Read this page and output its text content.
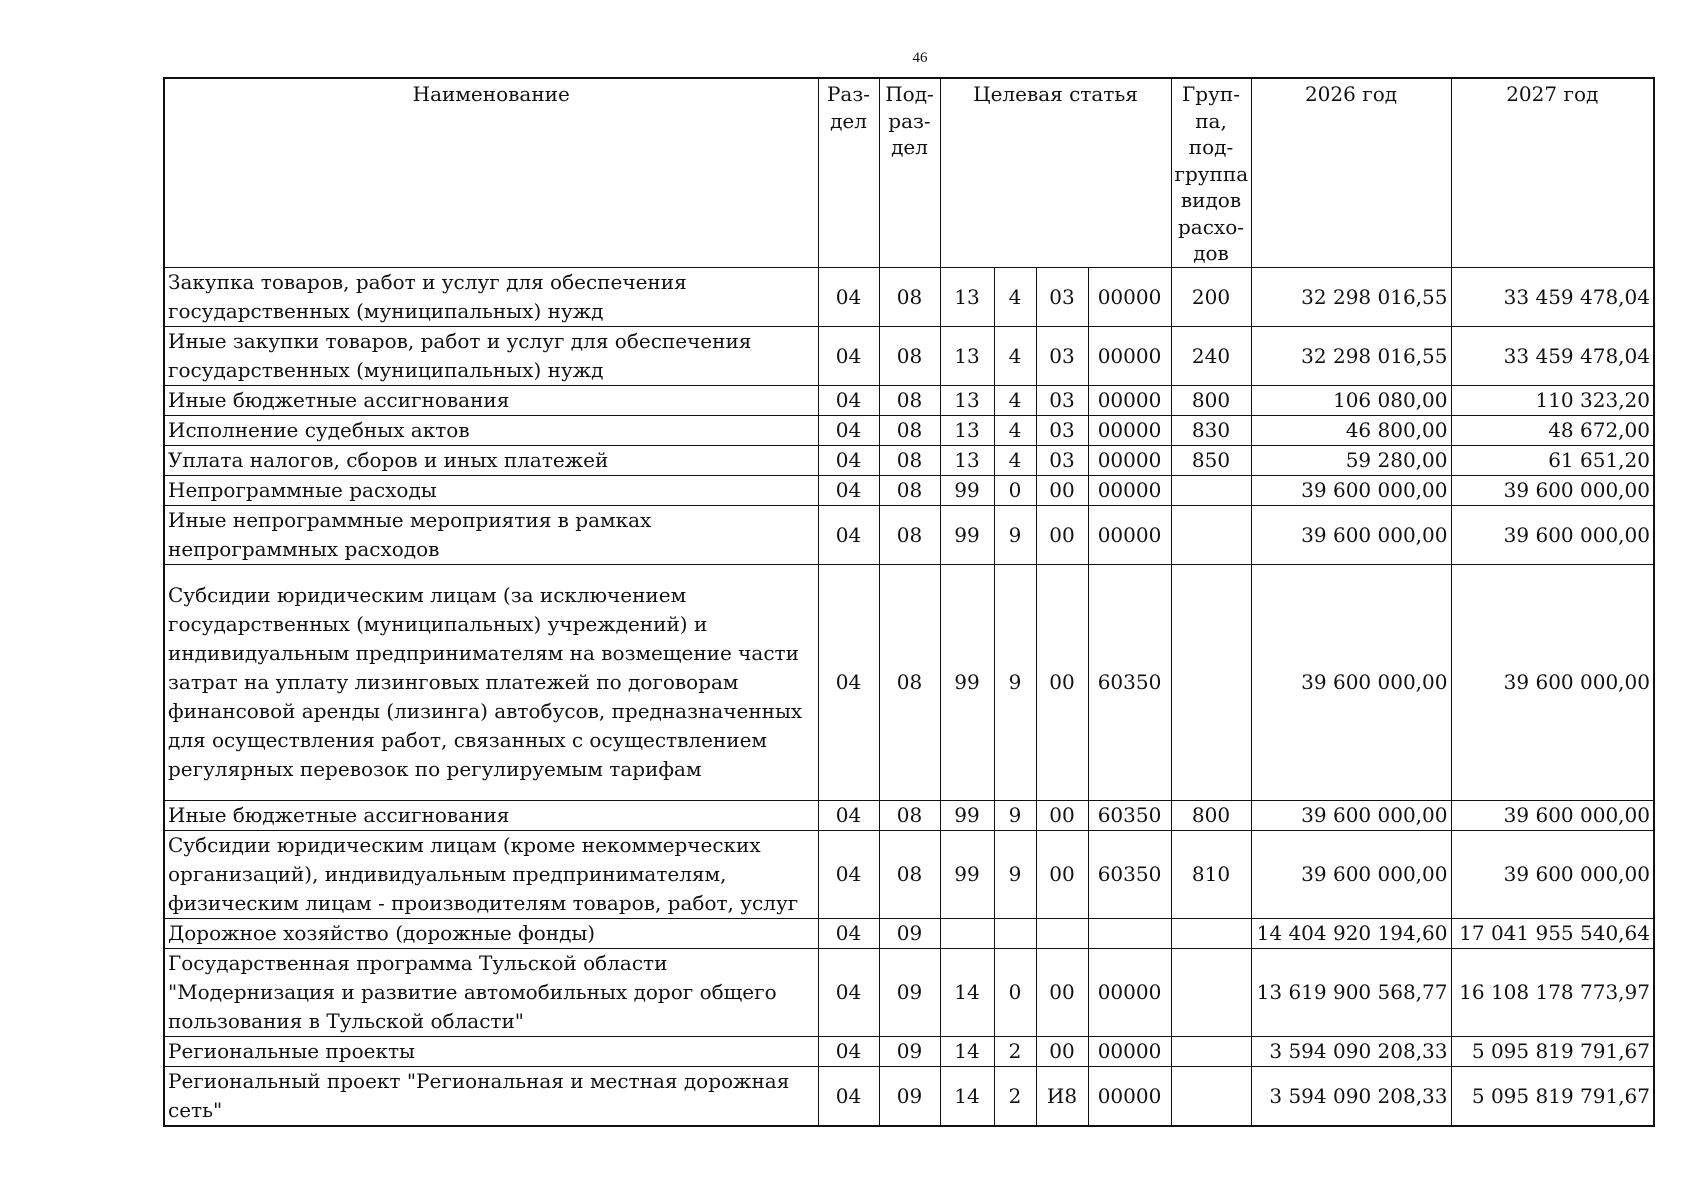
46
Наименование	Раз-дел	Под-раз-дел	Целевая статья				Груп-па, под-группа видов расхо-дов	2026 год	2027 год
Закупка товаров, работ и услуг для обеспечения государственных (муниципальных) нужд	04	08	13	4	03	00000	200	32 298 016,55	33 459 478,04
Иные закупки товаров, работ и услуг для обеспечения государственных (муниципальных) нужд	04	08	13	4	03	00000	240	32 298 016,55	33 459 478,04
Иные бюджетные ассигнования	04	08	13	4	03	00000	800	106 080,00	110 323,20
Исполнение судебных актов	04	08	13	4	03	00000	830	46 800,00	48 672,00
Уплата налогов, сборов и иных платежей	04	08	13	4	03	00000	850	59 280,00	61 651,20
Непрограммные расходы	04	08	99	0	00	00000		39 600 000,00	39 600 000,00
Иные непрограммные мероприятия в рамках непрограммных расходов	04	08	99	9	00	00000		39 600 000,00	39 600 000,00
Субсидии юридическим лицам (за исключением государственных (муниципальных) учреждений) и индивидуальным предпринимателям на возмещение части затрат на уплату лизинговых платежей по договорам финансовой аренды (лизинга) автобусов, предназначенных для осуществления работ, связанных с осуществлением регулярных перевозок по регулируемым тарифам	04	08	99	9	00	60350		39 600 000,00	39 600 000,00
Иные бюджетные ассигнования	04	08	99	9	00	60350	800	39 600 000,00	39 600 000,00
Субсидии юридическим лицам (кроме некоммерческих организаций), индивидуальным предпринимателям, физическим лицам - производителям товаров, работ, услуг	04	08	99	9	00	60350	810	39 600 000,00	39 600 000,00
Дорожное хозяйство (дорожные фонды)	04	09						14 404 920 194,60	17 041 955 540,64
Государственная программа Тульской области "Модернизация и развитие автомобильных дорог общего пользования в Тульской области"	04	09	14	0	00	00000		13 619 900 568,77	16 108 178 773,97
Региональные проекты	04	09	14	2	00	00000		3 594 090 208,33	5 095 819 791,67
Региональный проект "Региональная и местная дорожная сеть"	04	09	14	2	И8	00000		3 594 090 208,33	5 095 819 791,67
